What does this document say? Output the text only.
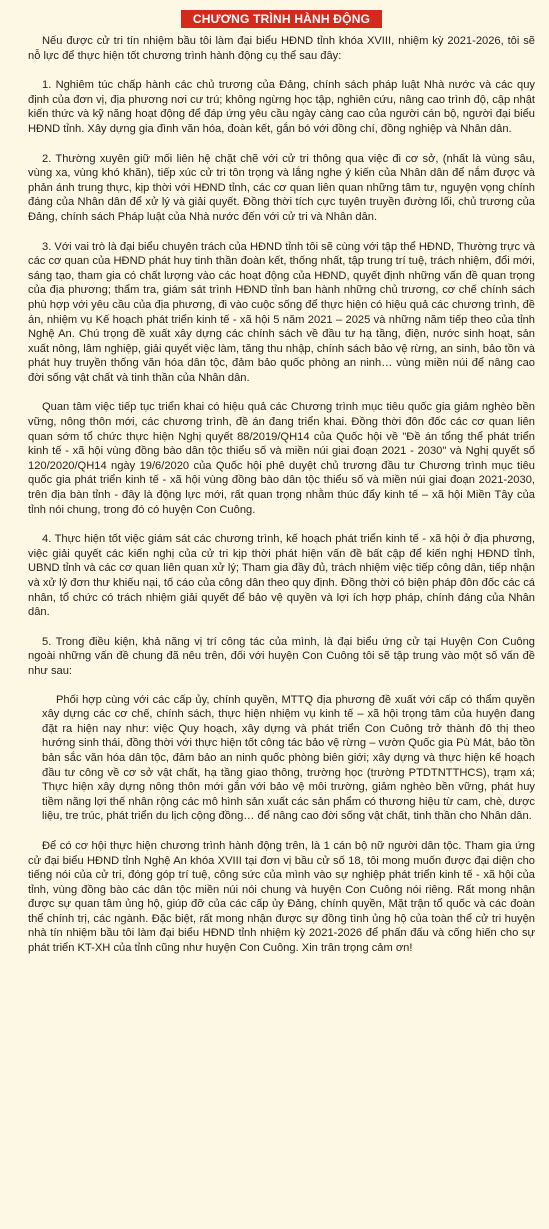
CHƯƠNG TRÌNH HÀNH ĐỘNG

Nếu được cử tri tín nhiệm bầu tôi làm đại biểu HĐND tỉnh khóa XVIII, nhiệm kỳ 2021-2026, tôi sẽ nỗ lực để thực hiện tốt chương trình hành động cụ thể sau đây:

1. Nghiêm túc chấp hành các chủ trương của Đảng, chính sách pháp luật Nhà nước và các quy định của đơn vị, địa phương nơi cư trú; không ngừng học tập, nghiên cứu, nâng cao trình độ, cập nhật kiến thức và kỹ năng hoạt động để đáp ứng yêu cầu ngày càng cao của người cán bộ, người đại biểu HĐND tỉnh. Xây dựng gia đình văn hóa, đoàn kết, gắn bó với đồng chí, đồng nghiệp và Nhân dân.

2. Thường xuyên giữ mối liên hệ chặt chẽ với cử tri thông qua việc đi cơ sở, (nhất là vùng sâu, vùng xa, vùng khó khăn), tiếp xúc cử tri tôn trọng và lắng nghe ý kiến của Nhân dân để nắm được và phản ánh trung thực, kịp thời với HĐND tỉnh, các cơ quan liên quan những tâm tư, nguyện vọng chính đáng của Nhân dân để xử lý và giải quyết. Đồng thời tích cực tuyên truyền đường lối, chủ trương của Đảng, chính sách Pháp luật của Nhà nước đến với cử tri và Nhân dân.

3. Với vai trò là đại biểu chuyên trách của HĐND tỉnh tôi sẽ cùng với tập thể HĐND, Thường trực và các cơ quan của HĐND phát huy tinh thần đoàn kết, thống nhất, tập trung trí tuệ, trách nhiệm, đổi mới, sáng tạo, tham gia có chất lượng vào các hoạt động của HĐND, quyết định những vấn đề quan trọng của địa phương; thẩm tra, giám sát trình HĐND tỉnh ban hành những chủ trương, cơ chế chính sách phù hợp với yêu cầu của địa phương, đi vào cuộc sống để thực hiện có hiệu quả các chương trình, đề án, nhiệm vụ Kế hoạch phát triển kinh tế - xã hội 5 năm 2021 – 2025 và những năm tiếp theo của tỉnh Nghệ An. Chú trọng đề xuất xây dựng các chính sách về đầu tư hạ tầng, điện, nước sinh hoạt, sản xuất nông, lâm nghiệp, giải quyết việc làm, tăng thu nhập, chính sách bảo vệ rừng, an sinh, bảo tồn và phát huy truyền thống văn hóa dân tộc, đảm bảo quốc phòng an ninh… vùng miền núi để nâng cao đời sống vật chất và tinh thần của Nhân dân.

Quan tâm việc tiếp tục triển khai có hiệu quả các Chương trình mục tiêu quốc gia giảm nghèo bền vững, nông thôn mới, các chương trình, đề án đang triển khai. Đồng thời đôn đốc các cơ quan liên quan sớm tổ chức thực hiện Nghị quyết 88/2019/QH14 của Quốc hội về "Đề án tổng thể phát triển kinh tế - xã hội vùng đồng bào dân tộc thiểu số và miền núi giai đoạn 2021 - 2030" và Nghị quyết số 120/2020/QH14 ngày 19/6/2020 của Quốc hội phê duyệt chủ trương đầu tư Chương trình mục tiêu quốc gia phát triển kinh tế - xã hội vùng đồng bào dân tộc thiểu số và miền núi giai đoạn 2021-2030, trên địa bàn tỉnh - đây là động lực mới, rất quan trọng nhằm thúc đẩy kinh tế – xã hội Miền Tây của tỉnh nói chung, trong đó có huyện Con Cuông.

4. Thực hiện tốt việc giám sát các chương trình, kế hoạch phát triển kinh tế - xã hội ở địa phương, việc giải quyết các kiến nghị của cử tri kịp thời phát hiện vấn đề bất cập để kiến nghị HĐND tỉnh, UBND tỉnh và các cơ quan liên quan xử lý; Tham gia đầy đủ, trách nhiệm việc tiếp công dân, tiếp nhận và xử lý đơn thư khiếu nại, tố cáo của công dân theo quy định. Đồng thời có biện pháp đôn đốc các cá nhân, tổ chức có trách nhiệm giải quyết để bảo vệ quyền và lợi ích hợp pháp, chính đáng của Nhân dân.

5. Trong điều kiện, khả năng vị trí công tác của mình, là đại biểu ứng cử tại Huyện Con Cuông ngoài những vấn đề chung đã nêu trên, đối với huyện Con Cuông tôi sẽ tập trung vào một số vấn đề như sau:

Phối hợp cùng với các cấp ủy, chính quyền, MTTQ địa phương đề xuất với cấp có thẩm quyền xây dựng các cơ chế, chính sách, thực hiện nhiệm vụ kinh tế – xã hội trọng tâm của huyện đang đặt ra hiện nay như: việc Quy hoạch, xây dựng và phát triển Con Cuông trở thành đô thị theo hướng sinh thái, đồng thời với thực hiện tốt công tác bảo vệ rừng – vườn Quốc gia Pù Mát, bảo tồn bản sắc văn hóa dân tộc, đảm bảo an ninh quốc phòng biên giới; xây dựng và thực hiện kế hoạch đầu tư công về cơ sở vật chất, hạ tầng giao thông, trường học (trường PTDTNTTHCS), trạm xá; Thực hiện xây dựng nông thôn mới gắn với bảo vệ môi trường, giảm nghèo bền vững, phát huy tiềm năng lợi thế nhân rộng các mô hình sản xuất các sản phẩm có thương hiệu từ cam, chè, dược liệu, tre trúc, phát triển du lịch cộng đồng… để nâng cao đời sống vật chất, tinh thần cho Nhân dân.

Để có cơ hội thực hiện chương trình hành động trên, là 1 cán bộ nữ người dân tộc. Tham gia ứng cử đại biểu HĐND tỉnh Nghệ An khóa XVIII tại đơn vị bầu cử số 18, tôi mong muốn được đại diện cho tiếng nói của cử tri, đóng góp trí tuệ, công sức của mình vào sự nghiệp phát triển kinh tế - xã hội của tỉnh, vùng đồng bào các dân tộc miền núi nói chung và huyện Con Cuông nói riêng. Rất mong nhận được sự quan tâm ủng hộ, giúp đỡ của các cấp ủy Đảng, chính quyền, Mặt trận tổ quốc và các đoàn thể chính trị, các ngành. Đặc biệt, rất mong nhận được sự đồng tình ủng hộ của toàn thể cử tri huyện nhà tín nhiệm bầu tôi làm đại biểu HĐND tỉnh nhiệm kỳ 2021-2026 để phấn đấu và cống hiến cho sự phát triển KT-XH của tỉnh cũng như huyện Con Cuông. Xin trân trọng cảm ơn!
